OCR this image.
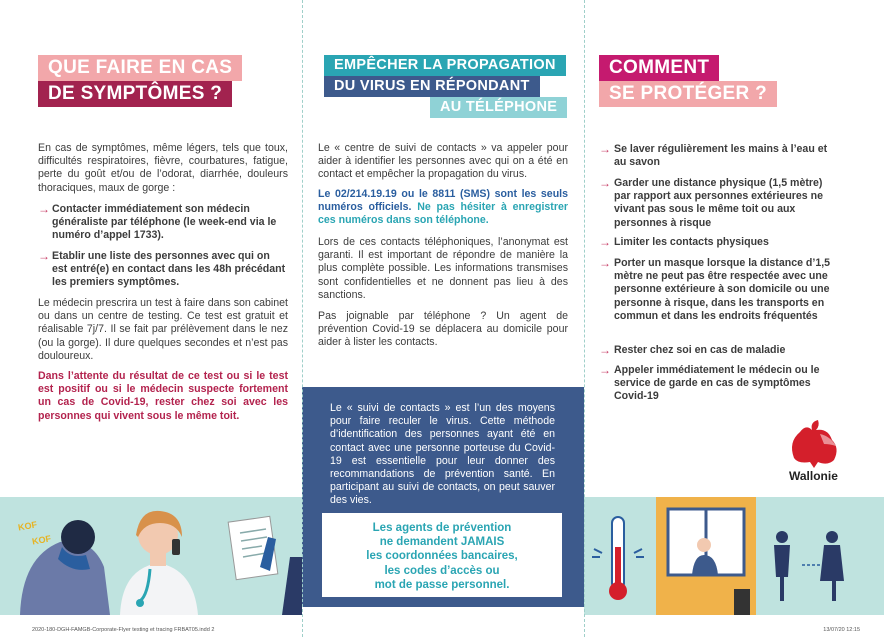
QUE FAIRE EN CAS
DE SYMPTÔMES ?
En cas de symptômes, même légers, tels que toux, difficultés respiratoires, fièvre, courbatures, fatigue, perte du goût et/ou de l’odorat, diarrhée, douleurs thoraciques, maux de gorge :
→ Contacter immédiatement son médecin généraliste par téléphone (le week-end via le numéro d’appel 1733).
→ Etablir une liste des personnes avec qui on est entré(e) en contact dans les 48h précédant les premiers symptômes.
Le médecin prescrira un test à faire dans son cabinet ou dans un centre de testing. Ce test est gratuit et réalisable 7j/7. Il se fait par prélèvement dans le nez (ou la gorge). Il dure quelques secondes et n’est pas douloureux.
Dans l’attente du résultat de ce test ou si le test est positif ou si le médecin suspecte fortement un cas de Covid-19, rester chez soi avec les personnes qui vivent sous le même toit.
KOF
KOF
EMPÊCHER LA PROPAGATION
DU VIRUS EN RÉPONDANT
AU TÉLÉPHONE
Le « centre de suivi de contacts » va appeler pour aider à identifier les personnes avec qui on a été en contact et empêcher la propagation du virus.
Le 02/214.19.19 ou le 8811 (SMS) sont les seuls numéros officiels. Ne pas hésiter à enregistrer ces numéros dans son téléphone.
Lors de ces contacts téléphoniques, l’anonymat est garanti. Il est important de répondre de manière la plus complète possible. Les informations transmises sont confidentielles et ne donnent pas lieu à des sanctions.
Pas joignable par téléphone ? Un agent de prévention Covid-19 se déplacera au domicile pour aider à lister les contacts.
Le « suivi de contacts » est l’un des moyens pour faire reculer le virus. Cette méthode d’identification des personnes ayant été en contact avec une personne porteuse du Covid-19 est essentielle pour leur donner des recommandations de prévention santé. En participant au suivi de contacts, on peut sauver des vies.
Les agents de prévention
ne demandent JAMAIS
les coordonnées bancaires,
les codes d’accès ou
mot de passe personnel.
COMMENT
SE PROTÉGER ?
→ Se laver régulièrement les mains à l’eau et au savon
→ Garder une distance physique (1,5 mètre) par rapport aux personnes extérieures ne vivant pas sous le même toit ou aux personnes à risque
→ Limiter les contacts physiques
→ Porter un masque lorsque la distance d’1,5 mètre ne peut pas être respectée avec une personne extérieure à son domicile ou une personne à risque, dans les transports en commun et dans les endroits fréquentés
→ Rester chez soi en cas de maladie
→ Appeler immédiatement le médecin ou le service de garde en cas de symptômes Covid-19
Wallonie
2020-180-DGH-FAMGB-Corporate-Flyer testing et tracing FRBAT05.indd 2	13/07/20 12:15
